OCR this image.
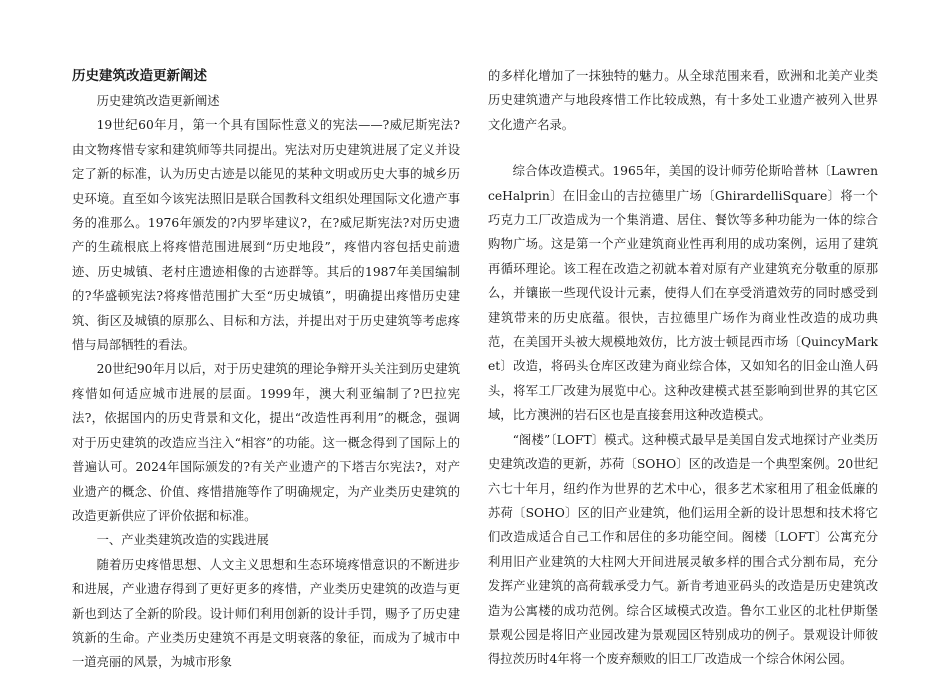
历史建筑改造更新阐述

历史建筑改造更新阐述

19世纪60年月，第一个具有国际性意义的宪法——?威尼斯宪法?由文物疼惜专家和建筑师等共同提出。宪法对历史建筑进展了定义并设定了新的标准，认为历史古迹是以能见的某种文明或历史大事的城乡历史环境。直至如今该宪法照旧是联合国教科文组织处理国际文化遗产事务的准那么。1976年颁发的?内罗毕建议?，在?威尼斯宪法?对历史遗产的生疏根底上将疼惜范围进展到“历史地段”，疼惜内容包括史前遗迹、历史城镇、老村庄遗迹相像的古迹群等。其后的1987年美国编制的?华盛顿宪法?将疼惜范围扩大至“历史城镇”，明确提出疼惜历史建筑、街区及城镇的原那么、目标和方法，并提出对于历史建筑等考虑疼惜与局部牺牲的看法。

20世纪90年月以后，对于历史建筑的理论争辩开头关注到历史建筑疼惜如何适应城市进展的层面。1999年，澳大利亚编制了?巴拉宪法?，依据国内的历史背景和文化，提出“改造性再利用”的概念，强调对于历史建筑的改造应当注入“相容”的功能。这一概念得到了国际上的普遍认可。2024年国际颁发的?有关产业遗产的下塔吉尔宪法?，对产业遗产的概念、价值、疼惜措施等作了明确规定，为产业类历史建筑的改造更新供应了评价依据和标准。

一、产业类建筑改造的实践进展

随着历史疼惜思想、人文主义思想和生态环境疼惜意识的不断进步和进展，产业遗存得到了更好更多的疼惜，产业类历史建筑的改造与更新也到达了全新的阶段。设计师们利用创新的设计手罚，赐予了历史建筑新的生命。产业类历史建筑不再是文明衰落的象征，而成为了城市中一道亮丽的风景，为城市形象

的多样化增加了一抹独特的魅力。从全球范围来看，欧洲和北美产业类历史建筑遗产与地段疼惜工作比较成熟，有十多处工业遗产被列入世界文化遗产名录。

综合体改造模式。1965年，美国的设计师劳伦斯哈普林〔LawrenceHalprin〕在旧金山的吉拉德里广场〔GhirardelliSquare〕将一个巧克力工厂改造成为一个集消遣、居住、餐饮等多种功能为一体的综合购物广场。这是第一个产业建筑商业性再利用的成功案例，运用了建筑再循环理论。该工程在改造之初就本着对原有产业建筑充分敬重的原那么，并镶嵌一些现代设计元素，使得人们在享受消遣效劳的同时感受到建筑带来的历史底蕴。很快，吉拉德里广场作为商业性改造的成功典范，在美国开头被大规模地效仿，比方波士顿昆西市场〔QuincyMarket〕改造，将码头仓库区改建为商业综合体，又如知名的旧金山渔人码头，将军工厂改建为展览中心。这种改建模式甚至影响到世界的其它区域，比方澳洲的岩石区也是直接套用这种改造模式。

“阁楼”〔LOFT〕模式。这种模式最早是美国自发式地探讨产业类历史建筑改造的更新，苏荷〔SOHO〕区的改造是一个典型案例。20世纪六七十年月，纽约作为世界的艺术中心，很多艺术家租用了租金低廉的苏荷〔SOHO〕区的旧产业建筑，他们运用全新的设计思想和技术将它们改造成适合自己工作和居住的多功能空间。阁楼〔LOFT〕公寓充分利用旧产业建筑的大柱网大开间进展灵敏多样的围合式分割布局，充分发挥产业建筑的高荷载承受力气。新肯考迪亚码头的改造是历史建筑改造为公寓楼的成功范例。综合区域模式改造。鲁尔工业区的北杜伊斯堡景观公园是将旧产业园改建为景观园区特别成功的例子。景观设计师彼得拉茨历时4年将一个废弃颓败的旧工厂改造成一个综合休闲公园。
